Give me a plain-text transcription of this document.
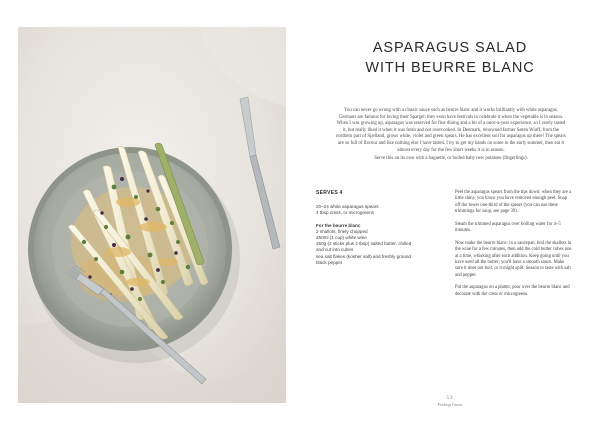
ASPARAGUS SALAD
WITH BEURRE BLANC

You can never go wrong with a classic sauce such as beurre blanc and it works brilliantly with white asparagus. Germans are famous for loving their Spargel; they even have festivals to celebrate it when the vegetable is in season. When I was growing up, asparagus was reserved for fine dining and a bit of a once-a-year experience, so I rarely tasted it, but really liked it when it was fresh and not overcooked. In Denmark, renowned farmer Søren Wiuff, from the northern part of Sjælland, grows white, violet and green spears. He has excellent soil for asparagus up there! The spears are so full of flavour and like nothing else I have tasted. I try to get my hands on some in the early summer, then eat it almost every day for the few short weeks it is in season.

Serve this on its own with a baguette, or boiled baby new potatoes (fingerlings).

SERVES 4
20–24 white asparagus spears
4 tbsp cress, or microgreens
For the beurre blanc
2 shallots, finely chopped
250ml (1 cup) white wine
250g (2 sticks plus 2 tbsp) salted butter, chilled
and cut into cubes
sea salt flakes (kosher salt) and freshly ground
black pepper

Peel the asparagus spears from the tips down; when they are a little shiny, you know you have removed enough peel. Snap off the lower one-third of the spears (you can use these trimmings for soup, see page 39).

Steam the trimmed asparagus over boiling water for 4–5 minutes.

Now make the beurre blanc: in a saucepan, boil the shallots in the wine for a few minutes, then add the cold butter cubes one at a time, whisking after each addition. Keep going until you have used all the butter; you'll have a smooth sauce. Make sure it does not boil, or it might split. Season to taste with salt and pepper.

Put the asparagus on a platter, pour over the beurre blanc and decorate with the cress or microgreens.

53
Feeling Green
